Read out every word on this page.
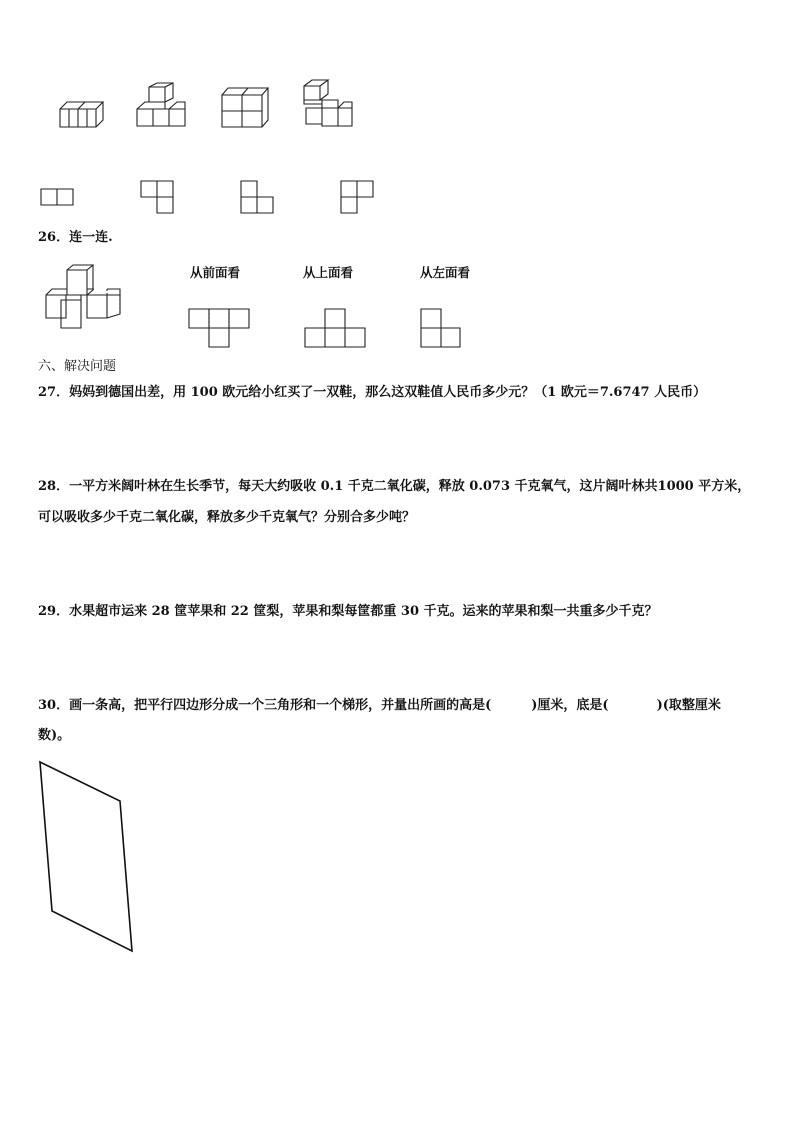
26．连一连.
从前面看	从上面看	从左面看
六、解决问题
27．妈妈到德国出差，用 100 欧元给小红买了一双鞋，那么这双鞋值人民币多少元？（1 欧元＝7.6747 人民币）
28．一平方米阔叶林在生长季节，每天大约吸收 0.1 千克二氧化碳，释放 0.073 千克氧气，这片阔叶林共1000 平方米，
可以吸收多少千克二氧化碳，释放多少千克氧气？分别合多少吨？
29．水果超市运来 28 筐苹果和 22 筐梨，苹果和梨每筐都重 30 千克。运来的苹果和梨一共重多少千克？
30．画一条高，把平行四边形分成一个三角形和一个梯形，并量出所画的高是(	)厘米，底是(	)(取整厘米
数)。
